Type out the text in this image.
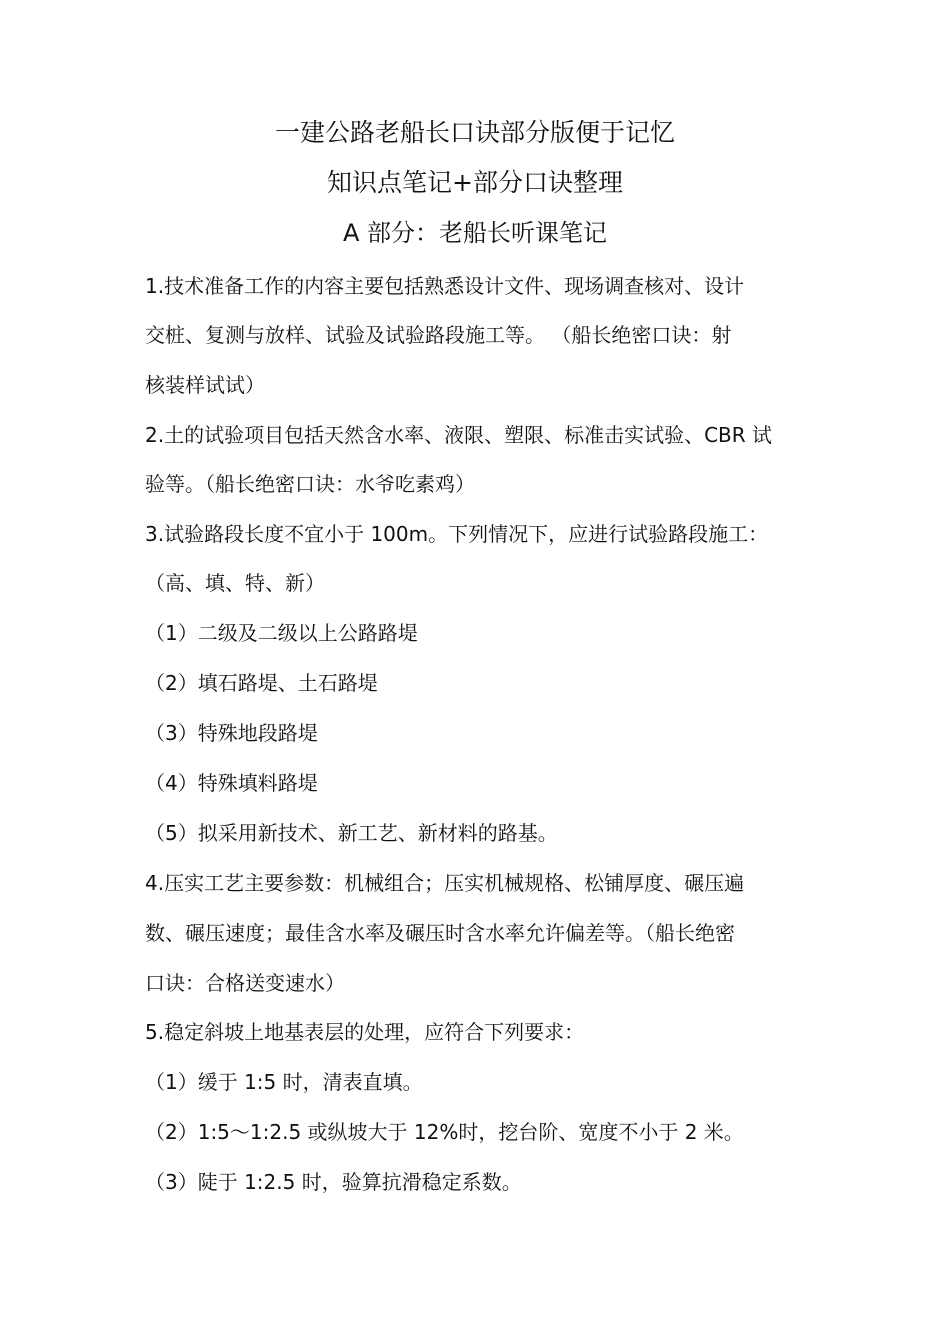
一建公路老船长口诀部分版便于记忆
知识点笔记+部分口诀整理
A 部分：老船长听课笔记
1.技术准备工作的内容主要包括熟悉设计文件、现场调查核对、设计
交桩、复测与放样、试验及试验路段施工等。 （船长绝密口诀：射
核装样试试）
2.土的试验项目包括天然含水率、液限、塑限、标准击实试验、CBR 试
验等。（船长绝密口诀：水爷吃素鸡）
3.试验路段长度不宜小于 100m。下列情况下，应进行试验路段施工：
（高、填、特、新）
（1）二级及二级以上公路路堤
（2）填石路堤、土石路堤
（3）特殊地段路堤
（4）特殊填料路堤
（5）拟采用新技术、新工艺、新材料的路基。
4.压实工艺主要参数：机械组合；压实机械规格、松铺厚度、碾压遍
数、碾压速度；最佳含水率及碾压时含水率允许偏差等。（船长绝密
口诀：合格送变速水）
5.稳定斜坡上地基表层的处理，应符合下列要求：
（1）缓于 1:5 时，清表直填。
（2）1:5～1:2.5 或纵坡大于 12%时，挖台阶、宽度不小于 2 米。
（3）陡于 1:2.5 时，验算抗滑稳定系数。
